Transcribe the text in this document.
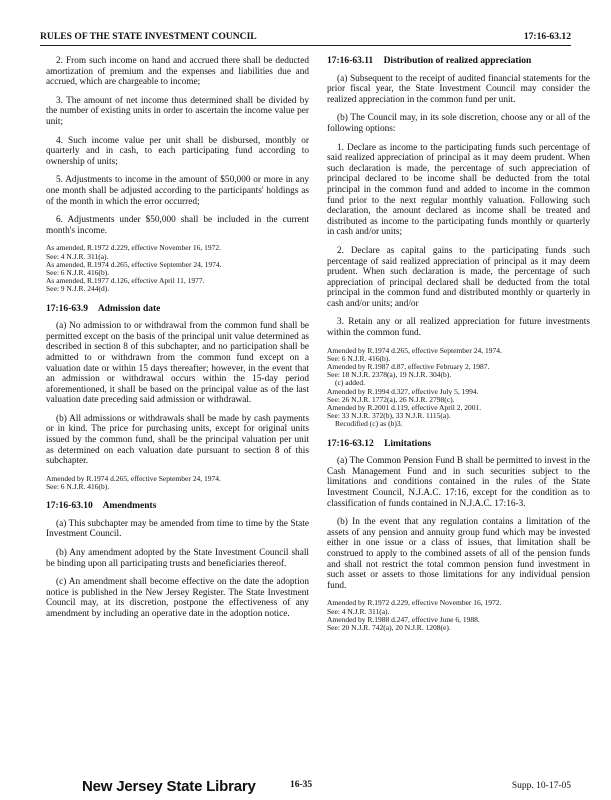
RULES OF THE STATE INVESTMENT COUNCIL	17:16-63.12

2. From such income on hand and accrued there shall be deducted amortization of premium and the expenses and liabilities due and accrued, which are chargeable to income;

3. The amount of net income thus determined shall be divided by the number of existing units in order to ascertain the income value per unit;

4. Such income value per unit shall be disbursed, montbly or quarterly and in cash, to each participating fund according to ownership of units;

5. Adjustments to income in the amount of $50,000 or more in any one month shall be adjusted according to the participants' holdings as of the month in which the error occurred;

6. Adjustments under $50,000 shall be included in the current month's income.

As amended, R.1972 d.229, effective November 16, 1972.
See: 4 N.J.R. 311(a).
As amended, R.1974 d.265, effective September 24, 1974.
See: 6 N.J.R. 416(b).
As amended, R.1977 d.126, effective April 11, 1977.
See: 9 N.J.R. 244(d).
17:16-63.9 Admission date

(a) No admission to or withdrawal from the common fund shall be permitted except on the basis of the principal unit value determined as described in section 8 of this subchapter, and no participation shall be admitted to or withdrawn from the common fund except on a valuation date or within 15 days thereafter; however, in the event that an admission or withdrawal occurs within the 15-day period aforementioned, it shall be based on the principal value as of the last valuation date preceding said admission or withdrawal.

(b) All admissions or withdrawals shall be made by cash payments or in kind. The price for purchasing units, except for original units issued by the common fund, shall be the principal valuation per unit as determined on each valuation date pursuant to section 8 of this subchapter.

Amended by R.1974 d.265, effective September 24, 1974.
See: 6 N.J.R. 416(b).
17:16-63.10 Amendments

(a) This subchapter may be amended from time to time by the State Investment Council.

(b) Any amendment adopted by the State Investment Council shall be binding upon all participating trusts and beneficiaries thereof.

(c) An amendment shall become effective on the date the adoption notice is published in the New Jersey Register. The State Investment Council may, at its discretion, postpone the effectiveness of any amendment by including an operative date in the adoption notice.

17:16-63.11 Distribution of realized appreciation

(a) Subsequent to the receipt of audited financial statements for the prior fiscal year, the State Investment Council may consider the realized appreciation in the common fund per unit.

(b) The Council may, in its sole discretion, choose any or all of the following options:

1. Declare as income to the participating funds such percentage of said realized appreciation of principal as it may deem prudent. When such declaration is made, the percentage of such appreciation of principal declared to be income shall be deducted from the total principal in the common fund and added to income in the common fund prior to the next regular monthly valuation. Following such declaration, the amount declared as income shall be treated and distributed as income to the participating funds monthly or quarterly in cash and/or units;

2. Declare as capital gains to the participating funds such percentage of said realized appreciation of principal as it may deem prudent. When such declaration is made, the percentage of such appreciation of principal declared shall be deducted from the total principal in the common fund and distributed monthly or quarterly in cash and/or units; and/or

3. Retain any or all realized appreciation for future investments within the common fund.

Amended by R.1974 d.265, effective September 24, 1974.
See: 6 N.J.R. 416(b).
Amended by R.1987 d.87, effective February 2, 1987.
See: 18 N.J.R. 2378(a), 19 N.J.R. 304(b).
(c) added.
Amended by R.1994 d.327, effective July 5, 1994.
See: 26 N.J.R. 1772(a), 26 N.J.R. 2798(c).
Amended by R.2001 d.119, effective April 2, 2001.
See: 33 N.J.R. 372(b), 33 N.J.R. 1115(a).
Recodified (c) as (b)3.
17:16-63.12 Limitations

(a) The Common Pension Fund B shall be permitted to invest in the Cash Management Fund and in such securities subject to the limitations and conditions contained in the rules of the State Investment Council, N.J.A.C. 17:16, except for the condition as to classification of funds contained in N.J.A.C. 17:16-3.

(b) In the event that any regulation contains a limitation of the assets of any pension and annuity group fund which may be invested either in one issue or a class of issues, that limitation shall be construed to apply to the combined assets of all of the pension funds and shall not restrict the total common pension fund investment in such asset or assets to those limitations for any individual pension fund.

Amended by R.1972 d.229, effective November 16, 1972.
See: 4 N.J.R. 311(a).
Amended by R.1988 d.247, effective June 6, 1988.
See: 20 N.J.R. 742(a), 20 N.J.R. 1208(e).
New Jersey State Library	16-35	Supp. 10-17-05
